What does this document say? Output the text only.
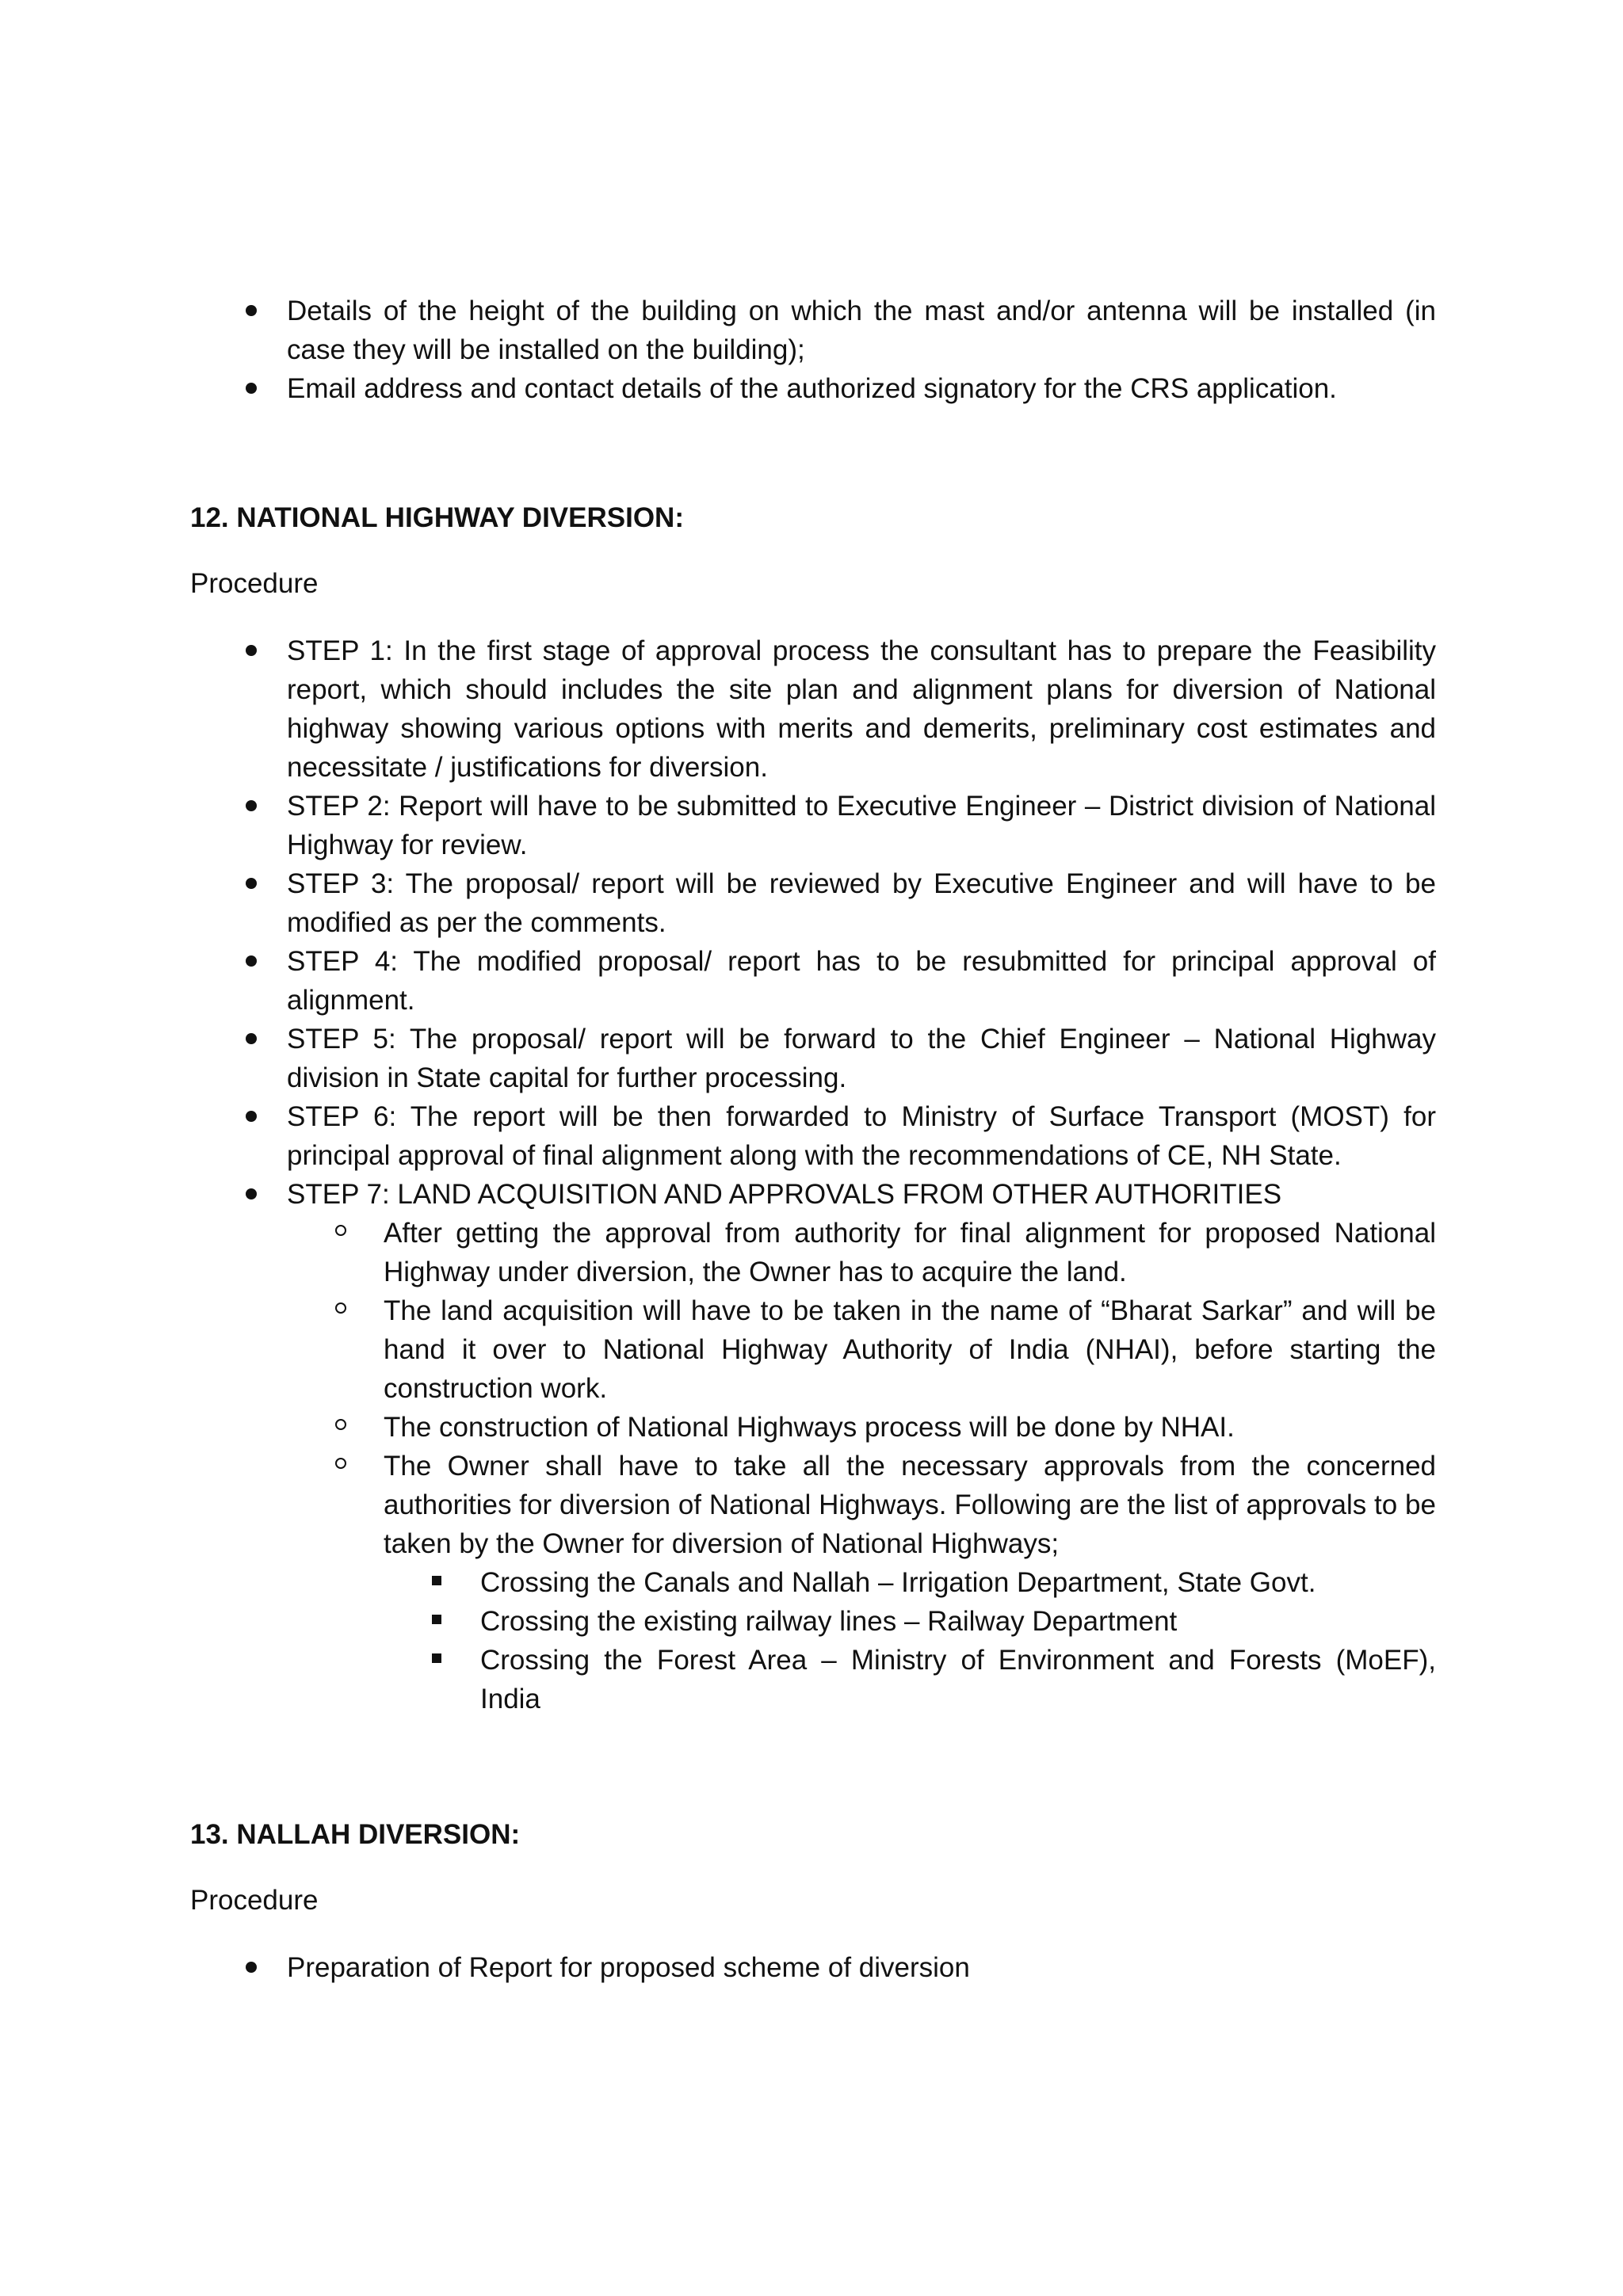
Details of the height of the building on which the mast and/or antenna will be installed (in case they will be installed on the building);
Email address and contact details of the authorized signatory for the CRS application.

12. NATIONAL HIGHWAY DIVERSION:

Procedure

STEP 1: In the first stage of approval process the consultant has to prepare the Feasibility report, which should includes the site plan and alignment plans for diversion of National highway showing various options with merits and demerits, preliminary cost estimates and necessitate / justifications for diversion.
STEP 2: Report will have to be submitted to Executive Engineer – District division of National Highway for review.
STEP 3: The proposal/ report will be reviewed by Executive Engineer and will have to be modified as per the comments.
STEP 4: The modified proposal/ report has to be resubmitted for principal approval of alignment.
STEP 5: The proposal/ report will be forward to the Chief Engineer – National Highway division in State capital for further processing.
STEP 6: The report will be then forwarded to Ministry of Surface Transport (MOST) for principal approval of final alignment along with the recommendations of CE, NH State.
STEP 7: LAND ACQUISITION AND APPROVALS FROM OTHER AUTHORITIES
After getting the approval from authority for final alignment for proposed National Highway under diversion, the Owner has to acquire the land.
The land acquisition will have to be taken in the name of “Bharat Sarkar” and will be hand it over to National Highway Authority of India (NHAI), before starting the construction work.
The construction of National Highways process will be done by NHAI.
The Owner shall have to take all the necessary approvals from the concerned authorities for diversion of National Highways. Following are the list of approvals to be taken by the Owner for diversion of National Highways;
Crossing the Canals and Nallah – Irrigation Department, State Govt.
Crossing the existing railway lines – Railway Department
Crossing the Forest Area – Ministry of Environment and Forests (MoEF), India

13. NALLAH DIVERSION:

Procedure

Preparation of Report for proposed scheme of diversion
